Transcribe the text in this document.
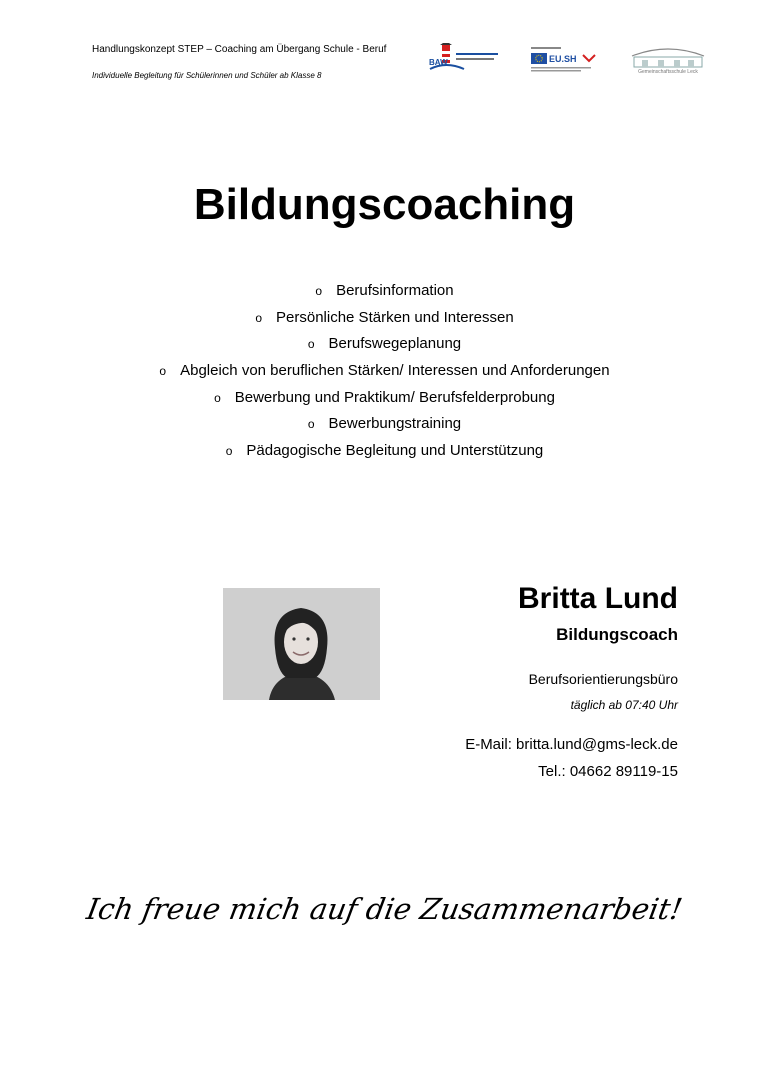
Handlungskonzept STEP – Coaching am Übergang Schule - Beruf
Individuelle Begleitung für Schülerinnen und Schüler ab Klasse 8
BAW	EU.SH
Gemeinschaftsschule Leck
Bildungscoaching
o Berufsinformation
o Persönliche Stärken und Interessen
o Berufswegeplanung
o Abgleich von beruflichen Stärken/ Interessen und Anforderungen
o Bewerbung und Praktikum/ Berufsfelderprobung
o Bewerbungstraining
o Pädagogische Begleitung und Unterstützung
Britta Lund
Bildungscoach
Berufsorientierungsbüro
täglich ab 07:40 Uhr
E-Mail: britta.lund@gms-leck.de
Tel.: 04662 89119-15
Ich freue mich auf die Zusammenarbeit!
